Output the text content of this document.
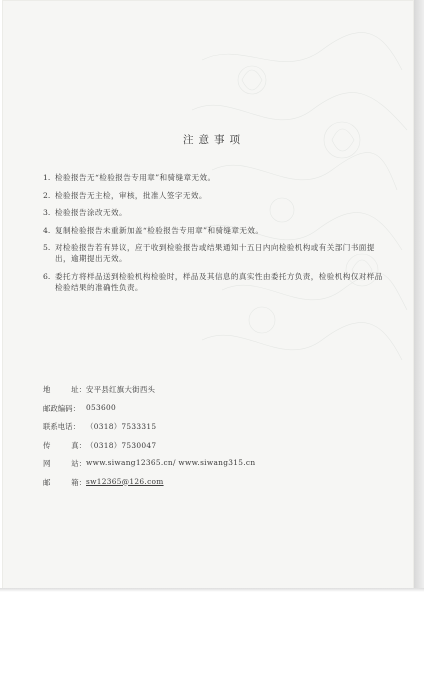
注意事项
1. 检验报告无“检验报告专用章”和骑缝章无效。
2. 检验报告无主检，审核，批准人签字无效。
3. 检验报告涂改无效。
4. 复制检验报告未重新加盖“检验报告专用章”和骑缝章无效。
5. 对检验报告若有异议，应于收到检验报告或结果通知十五日内向检验机构或有关部门书面提出，逾期提出无效。
6. 委托方将样品送到检验机构检验时，样品及其信息的真实性由委托方负责，检验机构仅对样品检验结果的准确性负责。
地	址： 安平县红旗大街西头
邮政编码： 053600
联系电话： （0318）7533315
传	真： （0318）7530047
网	站： www.siwang12365.cn/ www.siwang315.cn
邮	箱： sw12365@126.com
